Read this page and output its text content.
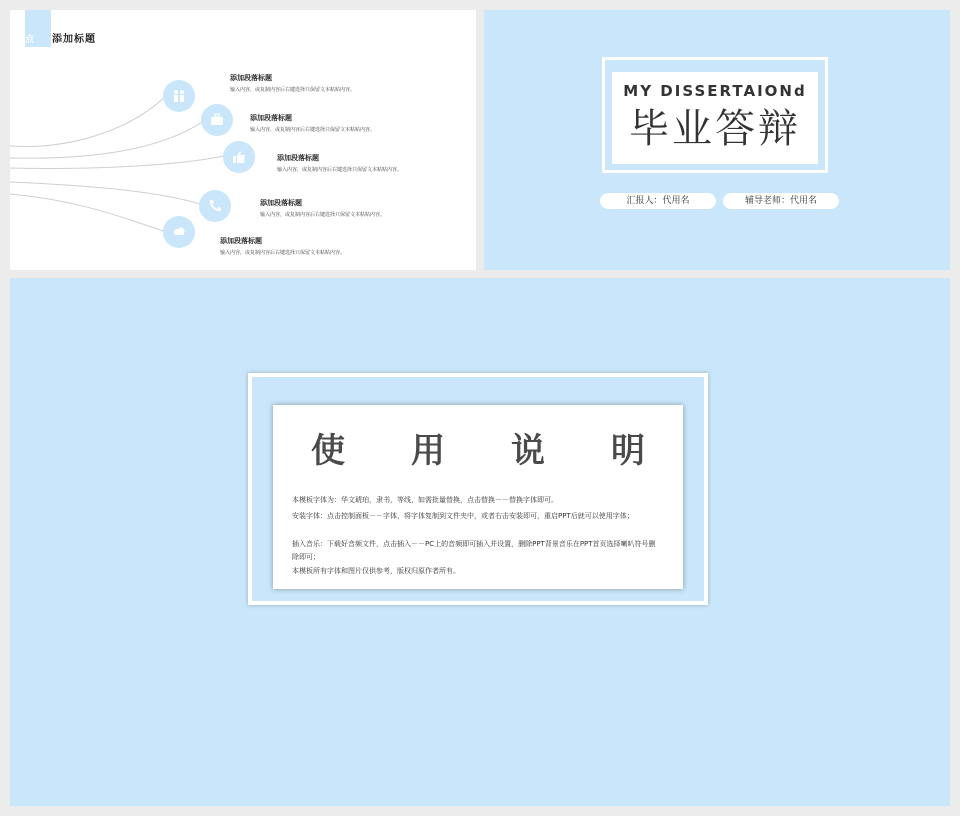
点 添加标题
添加段落标题
输入内容，或复制内容后右键选择只保留文本粘贴内容。
添加段落标题
输入内容，或复制内容后右键选择只保留文本粘贴内容。
添加段落标题
输入内容，或复制内容后右键选择只保留文本粘贴内容。
添加段落标题
输入内容，或复制内容后右键选择只保留文本粘贴内容。
添加段落标题
输入内容，或复制内容后右键选择只保留文本粘贴内容。
MY DISSERTAIONd
毕业答辩
汇报人：代用名	辅导老师：代用名
使 用 说 明
本模板字体为：华文琥珀，隶书，等线，如需批量替换，点击替换－－替换字体即可。
安装字体：点击控制面板－－字体，将字体复制到文件夹中，或者右击安装即可，重启PPT后就可以使用字体；
插入音乐：下载好音频文件，点击插入－－PC上的音频即可插入并设置，删除PPT背景音乐在PPT首页选择喇叭符号删除即可；
本模板所有字体和图片仅供参考，版权归原作者所有。
